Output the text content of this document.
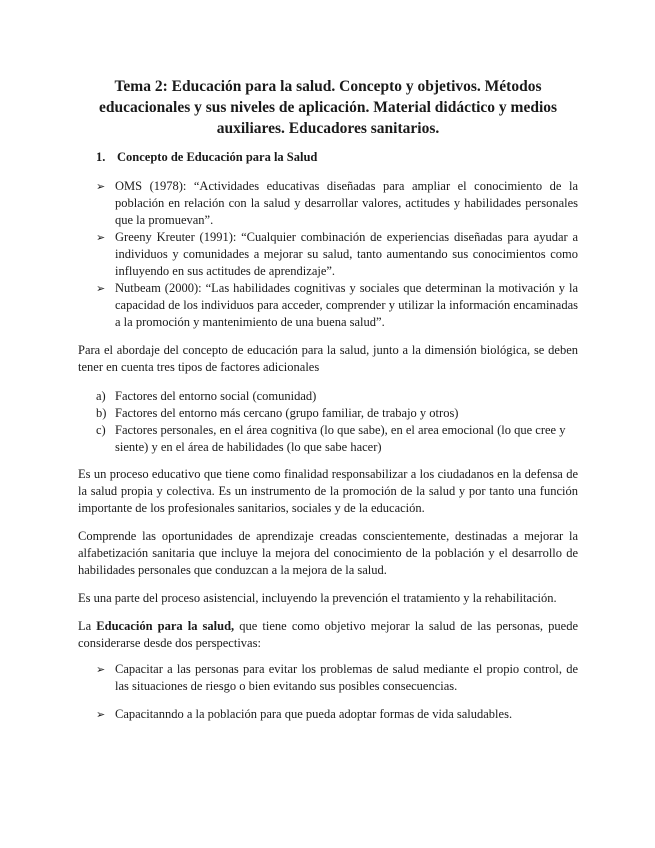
Tema 2: Educación para la salud. Concepto y objetivos. Métodos educacionales y sus niveles de aplicación. Material didáctico y medios auxiliares. Educadores sanitarios.
1. Concepto de Educación para la Salud
➢ OMS (1978): “Actividades educativas diseñadas para ampliar el conocimiento de la población en relación con la salud y desarrollar valores, actitudes y habilidades personales que la promuevan”.
➢ Greeny Kreuter (1991): “Cualquier combinación de experiencias diseñadas para ayudar a individuos y comunidades a mejorar su salud, tanto aumentando sus conocimientos como influyendo en sus actitudes de aprendizaje”.
➢ Nutbeam (2000): “Las habilidades cognitivas y sociales que determinan la motivación y la capacidad de los individuos para acceder, comprender y utilizar la información encaminadas a la promoción y mantenimiento de una buena salud”.

Para el abordaje del concepto de educación para la salud, junto a la dimensión biológica, se deben tener en cuenta tres tipos de factores adicionales

a) Factores del entorno social (comunidad)
b) Factores del entorno más cercano (grupo familiar, de trabajo y otros)
c) Factores personales, en el área cognitiva (lo que sabe), en el area emocional (lo que cree y siente) y en el área de habilidades (lo que sabe hacer)

Es un proceso educativo que tiene como finalidad responsabilizar a los ciudadanos en la defensa de la salud propia y colectiva. Es un instrumento de la promoción de la salud y por tanto una función importante de los profesionales sanitarios, sociales y de la educación.

Comprende las oportunidades de aprendizaje creadas conscientemente, destinadas a mejorar la alfabetización sanitaria que incluye la mejora del conocimiento de la población y el desarrollo de habilidades personales que conduzcan a la mejora de la salud.

Es una parte del proceso asistencial, incluyendo la prevención el tratamiento y la rehabilitación.

La Educación para la salud, que tiene como objetivo mejorar la salud de las personas, puede considerarse desde dos perspectivas:

➢ Capacitar a las personas para evitar los problemas de salud mediante el propio control, de las situaciones de riesgo o bien evitando sus posibles consecuencias.
➢ Capacitanndo a la población para que pueda adoptar formas de vida saludables.
